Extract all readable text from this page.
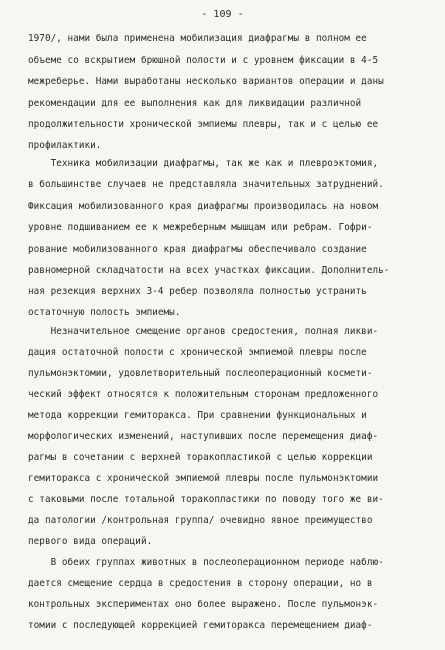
- 109 -
1970/, нами была применена мобилизация диафрагмы в полном ее
объеме со вскрытием брюшной полости и с уровнем фиксации в 4-5
межреберье. Нами выработаны несколько вариантов операции и даны
рекомендации для ее выполнения как для ликвидации различной
продолжительности хронической эмпиемы плевры, так и с целью ее
профилактики.
Техника мобилизации диафрагмы, так же как и плевроэктомия,
в большинстве случаев не представляла значительных затруднений.
Фиксация мобилизованного края диафрагмы производилась на новом
уровне подшиванием ее к межреберным мышцам или ребрам. Гофри-
рование мобилизованного края диафрагмы обеспечивало создание
равномерной складчатости на всех участках фиксации. Дополнитель-
ная резекция верхних 3-4 ребер позволяла полностью устранить
остаточную полость эмпиемы.
Незначительное смещение органов средостения, полная ликви-
дация остаточной полости с хронической эмпиемой плевры после
пульмонэктомии, удовлетворительный послеоперационный космети-
ческий эффект относятся к положительным сторонам предложенного
метода коррекции гемиторакса. При сравнении функциональных и
морфологических изменений, наступивших после перемещения диаф-
рагмы в сочетании с верхней торакопластикой с целью коррекции
гемиторакса с хронической эмпиемой плевры после пульмонэктомии
с таковыми после тотальной торакопластики по поводу того же ви-
да патологии /контрольная группа/ очевидно явное преимущество
первого вида операций.
В обеих группах животных в послеоперационном периоде наблю-
дается смещение сердца в средостения в сторону операции, но в
контрольных экспериментах оно более выражено. После пульмонэк-
томии с последующей коррекцией гемиторакса перемещением диаф-
